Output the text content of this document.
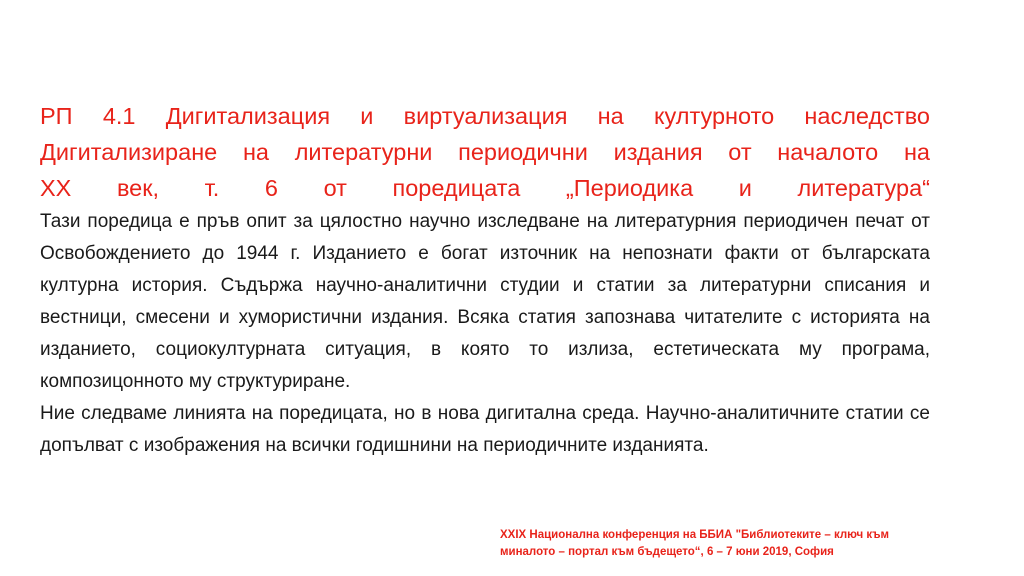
РП 4.1 Дигитализация и виртуализация на културното наследство
Дигитализиране на литературни периодични издания от началото на
XX век, т. 6 от поредицата „Периодика и литература“

Тази поредица е пръв опит за цялостно научно изследване на литературния периодичен печат от Освобождението до 1944 г. Изданието е богат източник на непознати факти от българската културна история. Съдържа научно-аналитични студии и статии за литературни списания и вестници, смесени и хумористични издания. Всяка статия запознава читателите с историята на изданието, социокултурната ситуация, в която то излиза, естетическата му програма, композицонното му структуриране.

Ние следваме линията на поредицата, но в нова дигитална среда. Научно-аналитичните статии се допълват с изображения на всички годишнини на периодичните изданията.

XXIX Национална конференция на ББИА "Библиотеките – ключ към
миналото – портал към бъдещето“, 6 – 7 юни 2019, София
